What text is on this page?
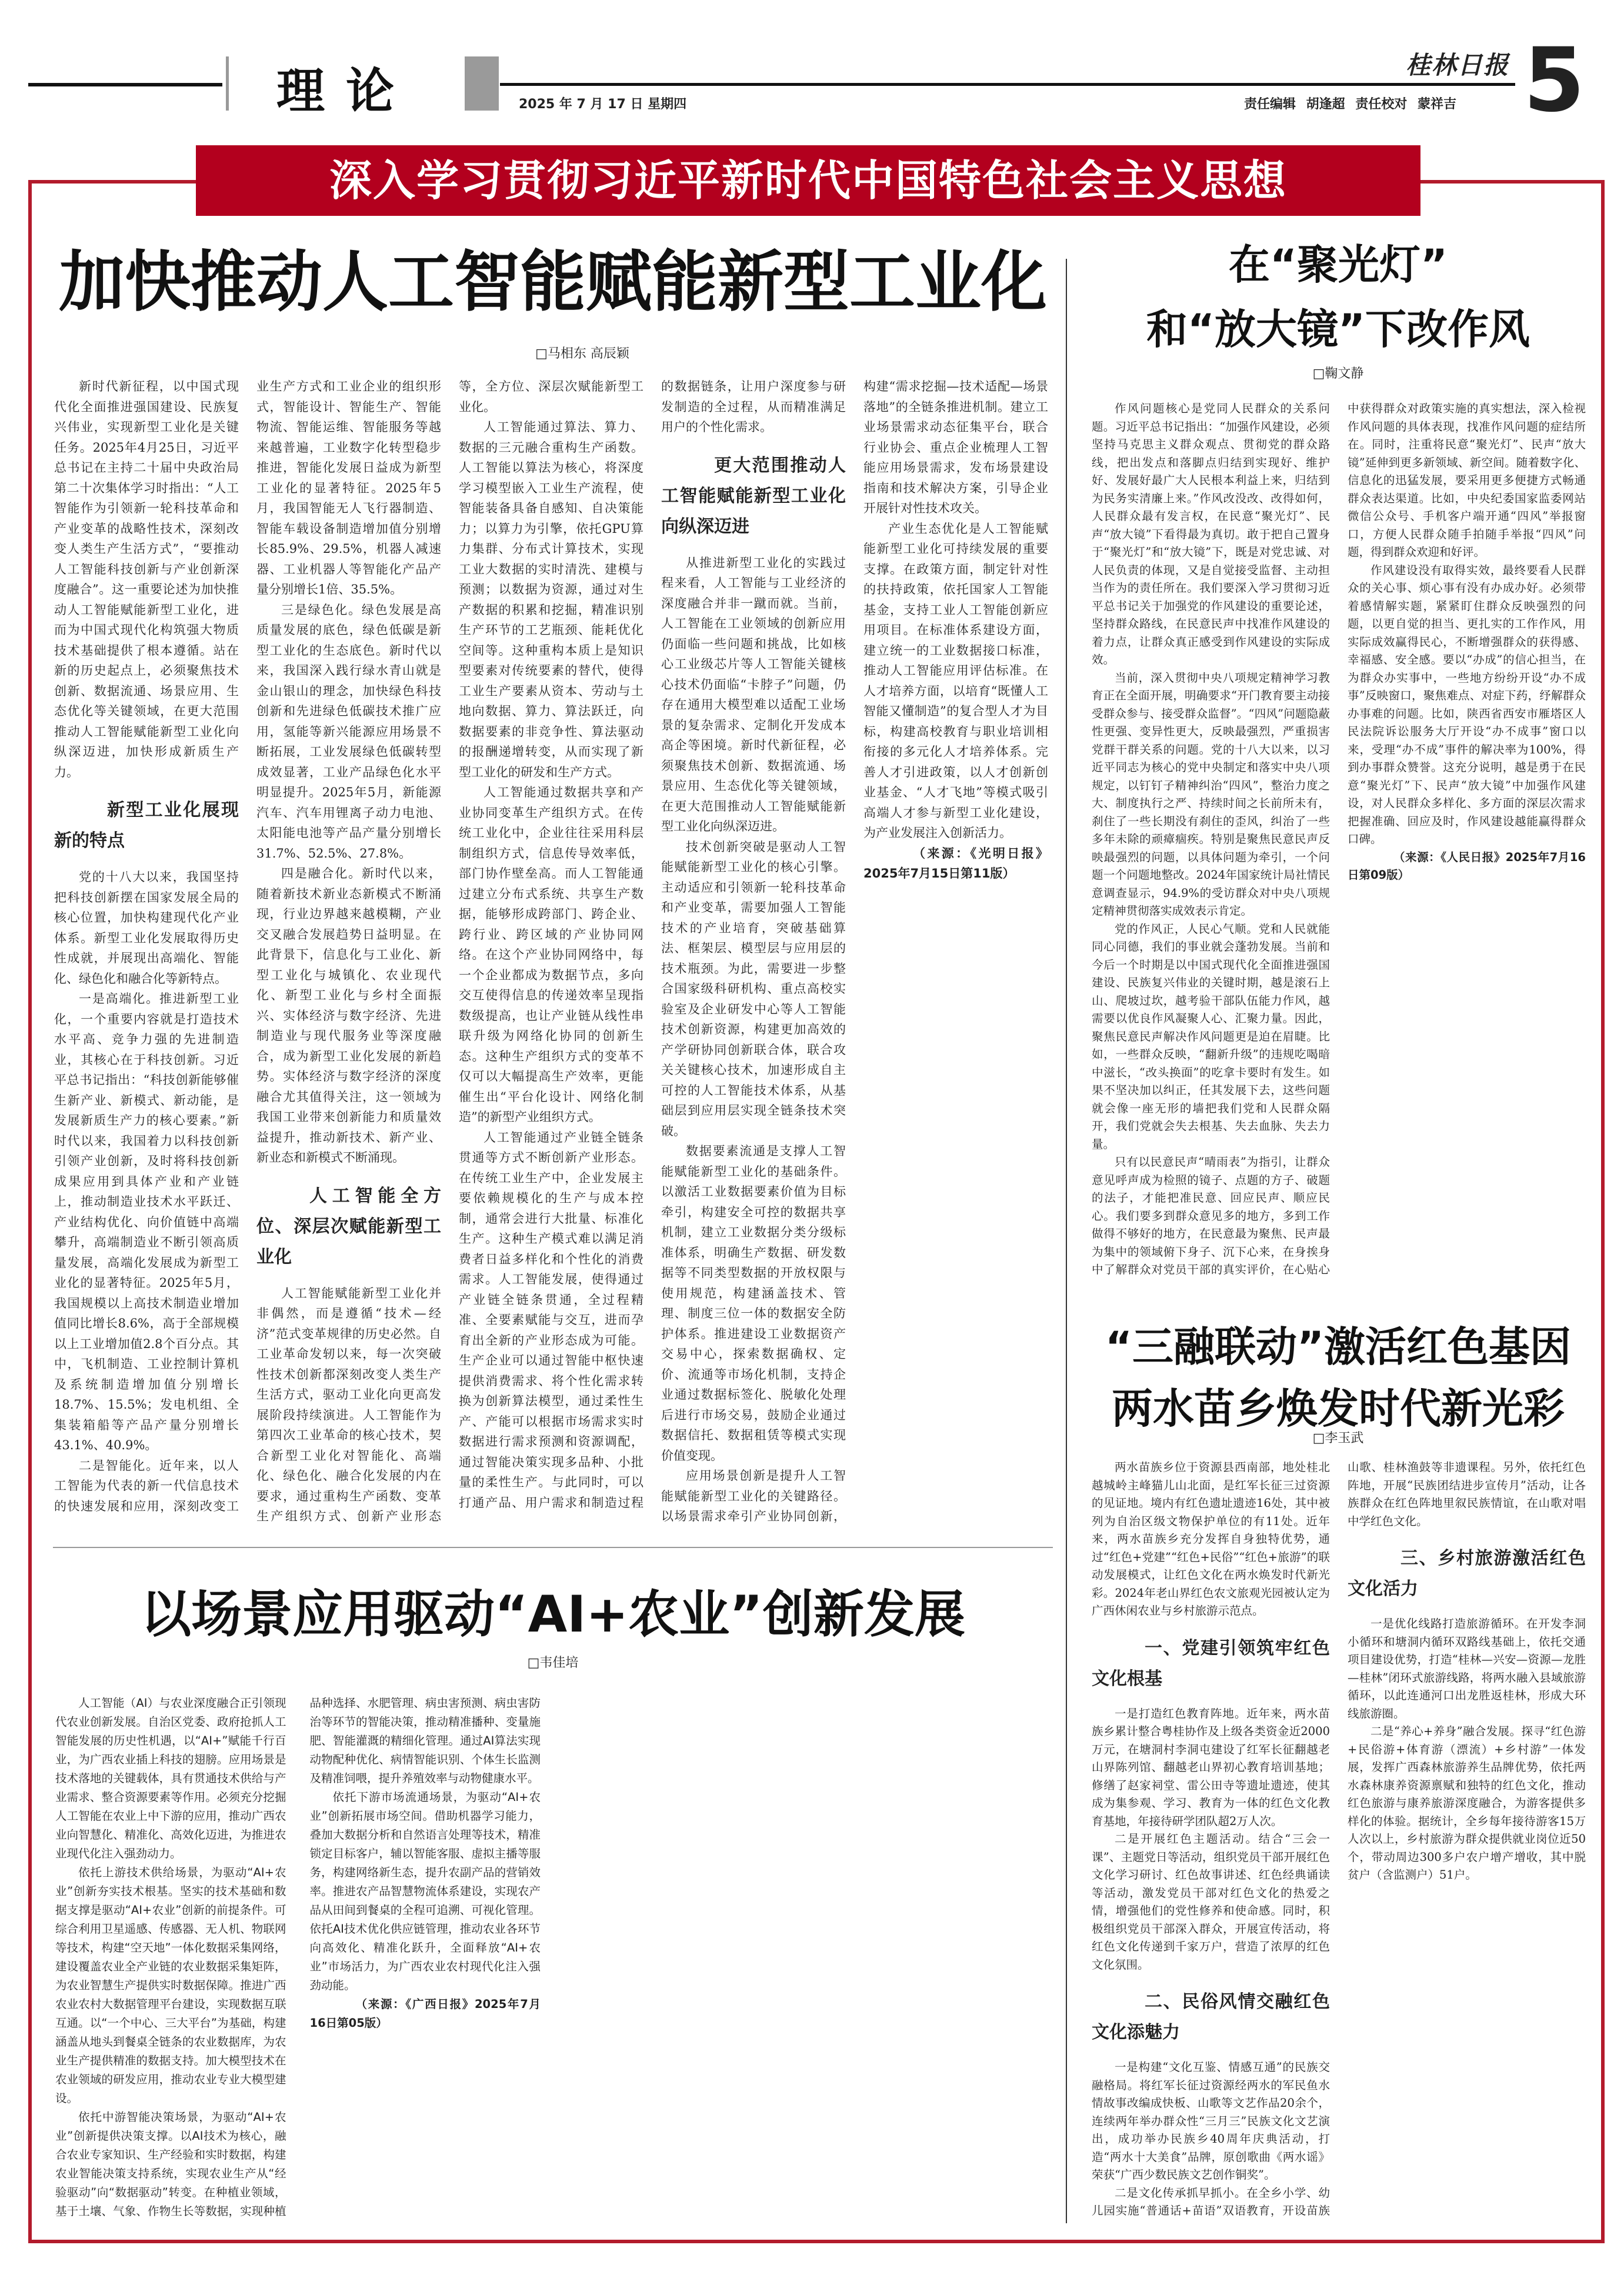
理论	2025 年 7 月 17 日 星期四
桂林日报
责任编辑 胡逢超 责任校对 蒙祥吉 5
深入学习贯彻习近平新时代中国特色社会主义思想
加快推动人工智能赋能新型工业化
□马相东 高辰颖

新时代新征程，以中国式现代化全面推进强国建设、民族复兴伟业，实现新型工业化是关键任务。2025年4月25日，习近平总书记在主持二十届中央政治局第二十次集体学习时指出：“人工智能作为引领新一轮科技革命和产业变革的战略性技术，深刻改变人类生产生活方式”，“要推动人工智能科技创新与产业创新深度融合”。这一重要论述为加快推动人工智能赋能新型工业化，进而为中国式现代化构筑强大物质技术基础提供了根本遵循。站在新的历史起点上，必须聚焦技术创新、数据流通、场景应用、生态优化等关键领域，在更大范围推动人工智能赋能新型工业化向纵深迈进，加快形成新质生产力。

新型工业化展现新的特点

党的十八大以来，我国坚持把科技创新摆在国家发展全局的核心位置，加快构建现代化产业体系。新型工业化发展取得历史性成就，并展现出高端化、智能化、绿色化和融合化等新特点。

一是高端化。推进新型工业化，一个重要内容就是打造技术水平高、竞争力强的先进制造业，其核心在于科技创新。习近平总书记指出：“科技创新能够催生新产业、新模式、新动能，是发展新质生产力的核心要素。”新时代以来，我国着力以科技创新引领产业创新，及时将科技创新成果应用到具体产业和产业链上，推动制造业技术水平跃迁、产业结构优化、向价值链中高端攀升，高端制造业不断引领高质量发展，高端化发展成为新型工业化的显著特征。2025年5月，我国规模以上高技术制造业增加值同比增长8.6%，高于全部规模以上工业增加值2.8个百分点。其中，飞机制造、工业控制计算机及系统制造增加值分别增长18.7%、15.5%；发电机组、全集装箱船等产品产量分别增长43.1%、40.9%。

二是智能化。近年来，以人工智能为代表的新一代信息技术的快速发展和应用，深刻改变工业生产方式和工业企业的组织形式，智能设计、智能生产、智能物流、智能运维、智能服务等越来越普遍，工业数字化转型稳步推进，智能化发展日益成为新型工业化的显著特征。2025年5月，我国智能无人飞行器制造、智能车载设备制造增加值分别增长85.9%、29.5%，机器人减速器、工业机器人等智能化产品产量分别增长1倍、35.5%。

三是绿色化。绿色发展是高质量发展的底色，绿色低碳是新型工业化的生态底色。新时代以来，我国深入践行绿水青山就是金山银山的理念，加快绿色科技创新和先进绿色低碳技术推广应用，氢能等新兴能源应用场景不断拓展，工业发展绿色低碳转型成效显著，工业产品绿色化水平明显提升。2025年5月，新能源汽车、汽车用锂离子动力电池、太阳能电池等产品产量分别增长31.7%、52.5%、27.8%。

四是融合化。新时代以来，随着新技术新业态新模式不断涌现，行业边界越来越模糊，产业交叉融合发展趋势日益明显。在此背景下，信息化与工业化、新型工业化与城镇化、农业现代化、新型工业化与乡村全面振兴、实体经济与数字经济、先进制造业与现代服务业等深度融合，成为新型工业化发展的新趋势。实体经济与数字经济的深度融合尤其值得关注，这一领域为我国工业带来创新能力和质量效益提升，推动新技术、新产业、新业态和新模式不断涌现。

人工智能全方位、深层次赋能新型工业化

人工智能赋能新型工业化并非偶然，而是遵循“技术—经济”范式变革规律的历史必然。自工业革命发轫以来，每一次突破性技术创新都深刻改变人类生产生活方式，驱动工业化向更高发展阶段持续演进。人工智能作为第四次工业革命的核心技术，契合新型工业化对智能化、高端化、绿色化、融合化发展的内在要求，通过重构生产函数、变革生产组织方式、创新产业形态等，全方位、深层次赋能新型工业化。

人工智能通过算法、算力、数据的三元融合重构生产函数。人工智能以算法为核心，将深度学习模型嵌入工业生产流程，使智能装备具备自感知、自决策能力；以算力为引擎，依托GPU算力集群、分布式计算技术，实现工业大数据的实时清洗、建模与预测；以数据为资源，通过对生产数据的积累和挖掘，精准识别生产环节的工艺瓶颈、能耗优化空间等。这种重构本质上是知识型要素对传统要素的替代，使得工业生产要素从资本、劳动与土地向数据、算力、算法跃迁，向数据要素的非竞争性、算法驱动的报酬递增转变，从而实现了新型工业化的研发和生产方式。

人工智能通过数据共享和产业协同变革生产组织方式。在传统工业化中，企业往往采用科层制组织方式，信息传导效率低，部门协作壁垒高。而人工智能通过建立分布式系统、共享生产数据，能够形成跨部门、跨企业、跨行业、跨区域的产业协同网络。在这个产业协同网络中，每一个企业都成为数据节点，多向交互使得信息的传递效率呈现指数级提高，也让产业链从线性串联升级为网络化协同的创新生态。这种生产组织方式的变革不仅可以大幅提高生产效率，更能催生出“平台化设计、网络化制造”的新型产业组织方式。

人工智能通过产业链全链条贯通等方式不断创新产业形态。在传统工业生产中，企业发展主要依赖规模化的生产与成本控制，通常会进行大批量、标准化生产。这种生产模式难以满足消费者日益多样化和个性化的消费需求。人工智能发展，使得通过产业链全链条贯通，全过程精准、全要素赋能与交互，进而孕育出全新的产业形态成为可能。生产企业可以通过智能中枢快速提供消费需求、将个性化需求转换为创新算法模型，通过柔性生产、产能可以根据市场需求实时数据进行需求预测和资源调配，通过智能决策实现多品种、小批量的柔性生产。与此同时，可以打通产品、用户需求和制造过程的数据链条，让用户深度参与研发制造的全过程，从而精准满足用户的个性化需求。

更大范围推动人工智能赋能新型工业化向纵深迈进

从推进新型工业化的实践过程来看，人工智能与工业经济的深度融合并非一蹴而就。当前，人工智能在工业领域的创新应用仍面临一些问题和挑战，比如核心工业级芯片等人工智能关键核心技术仍面临“卡脖子”问题，仍存在通用大模型难以适配工业场景的复杂需求、定制化开发成本高企等困境。新时代新征程，必须聚焦技术创新、数据流通、场景应用、生态优化等关键领域，在更大范围推动人工智能赋能新型工业化向纵深迈进。

技术创新突破是驱动人工智能赋能新型工业化的核心引擎。主动适应和引领新一轮科技革命和产业变革，需要加强人工智能技术的产业培育，突破基础算法、框架层、模型层与应用层的技术瓶颈。为此，需要进一步整合国家级科研机构、重点高校实验室及企业研发中心等人工智能技术创新资源，构建更加高效的产学研协同创新联合体，联合攻关关键核心技术，加速形成自主可控的人工智能技术体系，从基础层到应用层实现全链条技术突破。

数据要素流通是支撑人工智能赋能新型工业化的基础条件。以激活工业数据要素价值为目标牵引，构建安全可控的数据共享机制，建立工业数据分类分级标准体系，明确生产数据、研发数据等不同类型数据的开放权限与使用规范，构建涵盖技术、管理、制度三位一体的数据安全防护体系。推进建设工业数据资产交易中心，探索数据确权、定价、流通等市场化机制，支持企业通过数据标签化、脱敏化处理后进行市场交易，鼓励企业通过数据信托、数据租赁等模式实现价值变现。

应用场景创新是提升人工智能赋能新型工业化的关键路径。以场景需求牵引产业协同创新，构建“需求挖掘—技术适配—场景落地”的全链条推进机制。建立工业场景需求动态征集平台，联合行业协会、重点企业梳理人工智能应用场景需求，发布场景建设指南和技术解决方案，引导企业开展针对性技术攻关。

产业生态优化是人工智能赋能新型工业化可持续发展的重要支撑。在政策方面，制定针对性的扶持政策，依托国家人工智能基金，支持工业人工智能创新应用项目。在标准体系建设方面，建立统一的工业数据接口标准，推动人工智能应用评估标准。在人才培养方面，以培育“既懂人工智能又懂制造”的复合型人才为目标，构建高校教育与职业培训相衔接的多元化人才培养体系。完善人才引进政策，以人才创新创业基金、“人才飞地”等模式吸引高端人才参与新型工业化建设，为产业发展注入创新活力。

（来源：《光明日报》2025年7月15日第11版）

在“聚光灯”
和“放大镜”下改作风
□鞠文静

作风问题核心是党同人民群众的关系问题。习近平总书记指出：“加强作风建设，必须坚持马克思主义群众观点、贯彻党的群众路线，把出发点和落脚点归结到实现好、维护好、发展好最广大人民根本利益上来，归结到为民务实清廉上来。”作风改没改、改得如何，人民群众最有发言权，在民意“聚光灯”、民声“放大镜”下看得最为真切。敢于把自己置身于“聚光灯”和“放大镜”下，既是对党忠诚、对人民负责的体现，又是自觉接受监督、主动担当作为的责任所在。我们要深入学习贯彻习近平总书记关于加强党的作风建设的重要论述，坚持群众路线，在民意民声中找准作风建设的着力点，让群众真正感受到作风建设的实际成效。

当前，深入贯彻中央八项规定精神学习教育正在全面开展，明确要求“开门教育要主动接受群众参与、接受群众监督”。“四风”问题隐蔽性更强、变异性更大，反映最强烈，严重损害党群干群关系的问题。党的十八大以来，以习近平同志为核心的党中央制定和落实中央八项规定，以钉钉子精神纠治“四风”，整治力度之大、制度执行之严、持续时间之长前所未有，刹住了一些长期没有刹住的歪风，纠治了一些多年未除的顽瘴痼疾。特别是聚焦民意民声反映最强烈的问题，以具体问题为牵引，一个问题一个问题地整改。2024年国家统计局社情民意调查显示，94.9%的受访群众对中央八项规定精神贯彻落实成效表示肯定。

党的作风正，人民心气顺。党和人民就能同心同德，我们的事业就会蓬勃发展。当前和今后一个时期是以中国式现代化全面推进强国建设、民族复兴伟业的关键时期，越是滚石上山、爬坡过坎，越考验干部队伍能力作风，越需要以优良作风凝聚人心、汇聚力量。因此，聚焦民意民声解决作风问题更是迫在眉睫。比如，一些群众反映，“翻新升级”的违规吃喝暗中滋长，“改头换面”的吃拿卡要时有发生。如果不坚决加以纠正，任其发展下去，这些问题就会像一座无形的墙把我们党和人民群众隔开，我们党就会失去根基、失去血脉、失去力量。

只有以民意民声“晴雨表”为指引，让群众意见呼声成为检照的镜子、点题的方子、破题的法子，才能把准民意、回应民声、顺应民心。我们要多到群众意见多的地方，多到工作做得不够好的地方，在民意最为聚焦、民声最为集中的领域俯下身子、沉下心来，在身挨身中了解群众对党员干部的真实评价，在心贴心中获得群众对政策实施的真实想法，深入检视作风问题的具体表现，找准作风问题的症结所在。同时，注重将民意“聚光灯”、民声“放大镜”延伸到更多新领域、新空间。随着数字化、信息化的迅猛发展，要采用更多便捷方式畅通群众表达渠道。比如，中央纪委国家监委网站微信公众号、手机客户端开通“四风”举报窗口，方便人民群众随手拍随手举报“四风”问题，得到群众欢迎和好评。

作风建设没有取得实效，最终要看人民群众的关心事、烦心事有没有办成办好。必须带着感情解实题，紧紧盯住群众反映强烈的问题，以更自觉的担当、更扎实的工作作风，用实际成效赢得民心，不断增强群众的获得感、幸福感、安全感。要以“办成”的信心担当，在为群众办实事中，一些地方纷纷开设“办不成事”反映窗口，聚焦难点、对症下药，纾解群众办事难的问题。比如，陕西省西安市雁塔区人民法院诉讼服务大厅开设“办不成事”窗口以来，受理“办不成”事件的解决率为100%，得到办事群众赞誉。这充分说明，越是勇于在民意“聚光灯”下、民声“放大镜”中加强作风建设，对人民群众多样化、多方面的深层次需求把握准确、回应及时，作风建设越能赢得群众口碑。

（来源：《人民日报》2025年7月16日第09版）

“三融联动”激活红色基因
两水苗乡焕发时代新光彩
□李玉武

两水苗族乡位于资源县西南部，地处桂北越城岭主峰猫儿山北面，是红军长征三过资源的见证地。境内有红色遗址遗迹16处，其中被列为自治区级文物保护单位的有11处。近年来，两水苗族乡充分发挥自身独特优势，通过“红色+党建”“红色+民俗”“红色+旅游”的联动发展模式，让红色文化在两水焕发时代新光彩。2024年老山界红色农文旅观光园被认定为广西休闲农业与乡村旅游示范点。

一、党建引领筑牢红色文化根基

一是打造红色教育阵地。近年来，两水苗族乡累计整合粤桂协作及上级各类资金近2000万元，在塘洞村李洞屯建设了红军长征翻越老山界陈列馆、翻越老山界初心教育培训基地；修缮了赵家祠堂、雷公田寺等遗址遗迹，使其成为集参观、学习、教育为一体的红色文化教育基地，年接待研学团队超2万人次。

二是开展红色主题活动。结合“三会一课”、主题党日等活动，组织党员干部开展红色文化学习研讨、红色故事讲述、红色经典诵读等活动，激发党员干部对红色文化的热爱之情，增强他们的党性修养和使命感。同时，积极组织党员干部深入群众，开展宣传活动，将红色文化传递到千家万户，营造了浓厚的红色文化氛围。

二、民俗风情交融红色文化添魅力

一是构建“文化互鉴、情感互通”的民族交融格局。将红军长征过资源经两水的军民鱼水情故事改编成快板、山歌等文艺作品20余个，连续两年举办群众性“三月三”民族文化文艺演出，成功举办民族乡40周年庆典活动，打造“两水十大美食”品牌，原创歌曲《两水谣》荣获“广西少数民族文艺创作铜奖”。

二是文化传承抓早抓小。在全乡小学、幼儿园实施“普通话+苗语”双语教育，开设苗族山歌、桂林渔鼓等非遗课程。另外，依托红色阵地，开展“民族团结进步宣传月”活动，让各族群众在红色阵地里叙民族情谊，在山歌对唱中学红色文化。

三、乡村旅游激活红色文化活力

一是优化线路打造旅游循环。在开发李洞小循环和塘洞内循环双路线基础上，依托交通项目建设优势，打造“桂林—兴安—资源—龙胜—桂林”闭环式旅游线路，将两水融入县域旅游循环，以此连通河口出龙胜返桂林，形成大环线旅游圈。

二是“养心+养身”融合发展。探寻“红色游+民俗游+体育游（漂流）+乡村游”一体发展，发挥广西森林旅游养生品牌优势，依托两水森林康养资源禀赋和独特的红色文化，推动红色旅游与康养旅游深度融合，为游客提供多样化的体验。据统计，全乡每年接待游客15万人次以上，乡村旅游为群众提供就业岗位近50个，带动周边300多户农户增产增收，其中脱贫户（含监测户）51户。

以场景应用驱动“AI+农业”创新发展
□韦佳培

人工智能（AI）与农业深度融合正引领现代农业创新发展。自治区党委、政府抢抓人工智能发展的历史性机遇，以“AI+”赋能千行百业，为广西农业插上科技的翅膀。应用场景是技术落地的关键载体，具有贯通技术供给与产业需求、整合资源要素等作用。必须充分挖掘人工智能在农业上中下游的应用，推动广西农业向智慧化、精准化、高效化迈进，为推进农业现代化注入强劲动力。

依托上游技术供给场景，为驱动“AI+农业”创新夯实技术根基。坚实的技术基础和数据支撑是驱动“AI+农业”创新的前提条件。可综合利用卫星遥感、传感器、无人机、物联网等技术，构建“空天地”一体化数据采集网络，建设覆盖农业全产业链的农业数据采集矩阵，为农业智慧生产提供实时数据保障。推进广西农业农村大数据管理平台建设，实现数据互联互通。以“一个中心、三大平台”为基础，构建涵盖从地头到餐桌全链条的农业数据库，为农业生产提供精准的数据支持。加大模型技术在农业领域的研发应用，推动农业专业大模型建设。

依托中游智能决策场景，为驱动“AI+农业”创新提供决策支撑。以AI技术为核心，融合农业专家知识、生产经验和实时数据，构建农业智能决策支持系统，实现农业生产从“经验驱动”向“数据驱动”转变。在种植业领域，基于土壤、气象、作物生长等数据，实现种植品种选择、水肥管理、病虫害预测、病虫害防治等环节的智能决策，推动精准播种、变量施肥、智能灌溉的精细化管理。通过AI算法实现动物配种优化、病情智能识别、个体生长监测及精准饲喂，提升养殖效率与动物健康水平。

依托下游市场流通场景，为驱动“AI+农业”创新拓展市场空间。借助机器学习能力，叠加大数据分析和自然语言处理等技术，精准锁定目标客户，辅以智能客服、虚拟主播等服务，构建网络新生态，提升农副产品的营销效率。推进农产品智慧物流体系建设，实现农产品从田间到餐桌的全程可追溯、可视化管理。依托AI技术优化供应链管理，推动农业各环节向高效化、精准化跃升，全面释放“AI+农业”市场活力，为广西农业农村现代化注入强劲动能。

（来源：《广西日报》2025年7月16日第05版）
